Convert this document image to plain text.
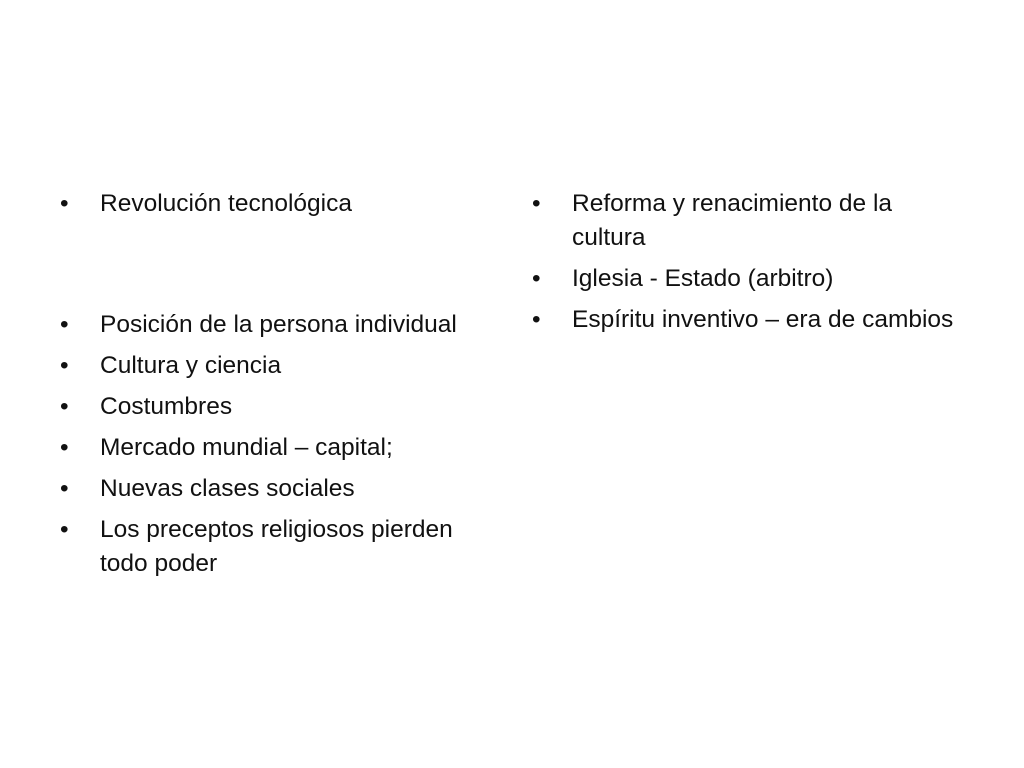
•	Revolución tecnológica
•	Posición de la persona individual
•	Cultura y ciencia
•	Costumbres
•	Mercado mundial – capital;
•	Nuevas clases sociales
•	Los preceptos religiosos pierden todo poder
•	Reforma y renacimiento de la cultura
•	Iglesia - Estado (arbitro)
•	Espíritu inventivo – era de cambios
